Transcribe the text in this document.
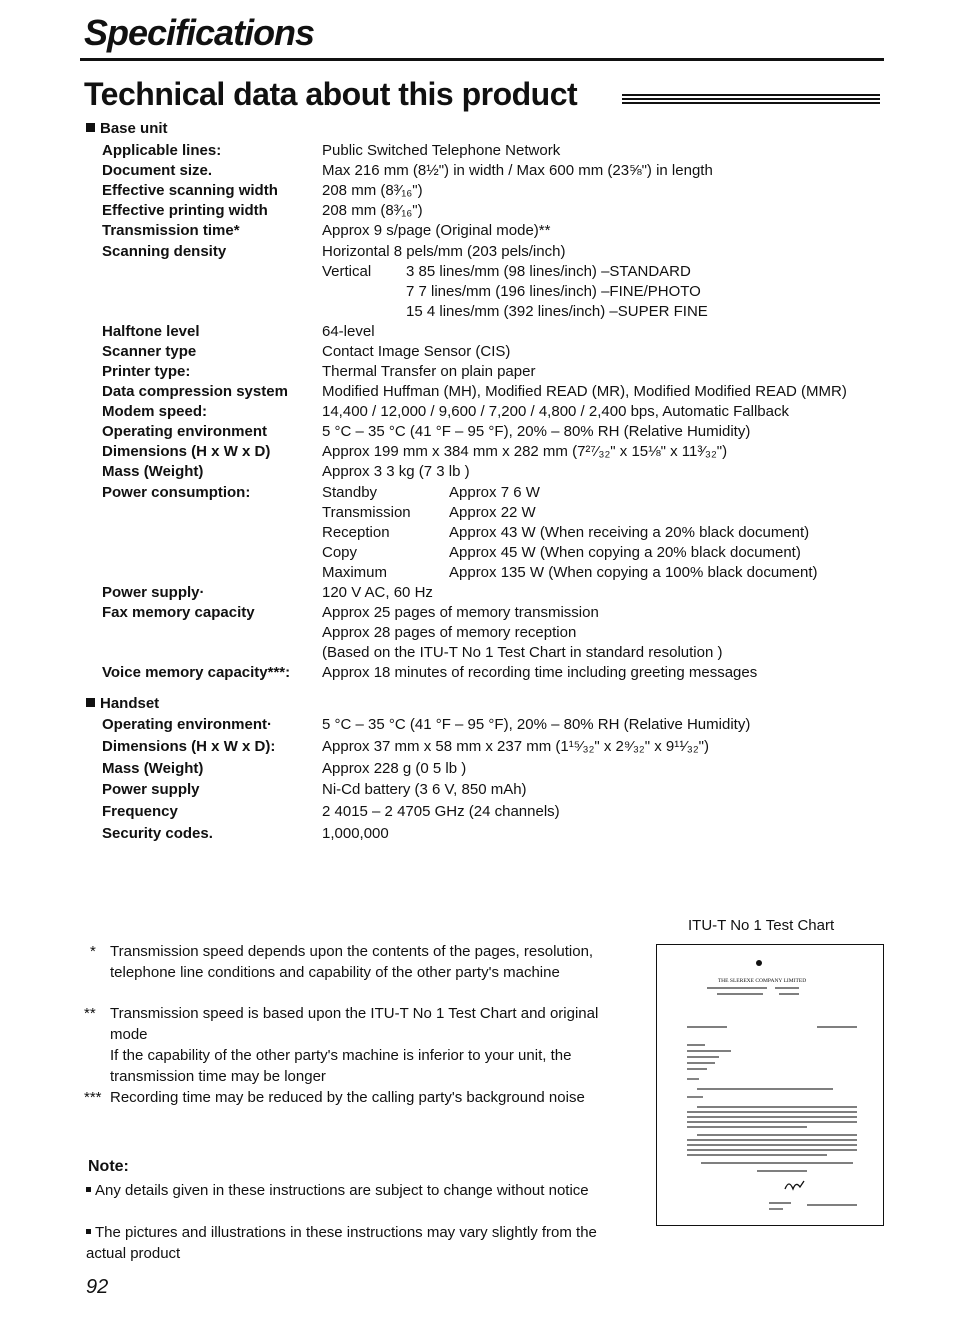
Specifications
Technical data about this product
Base unit
Applicable lines:	Public Switched Telephone Network
Document size.	Max 216 mm (8½") in width / Max 600 mm (23⅝") in length
Effective scanning width	208 mm (8³⁄₁₆")
Effective printing width	208 mm (8³⁄₁₆")
Transmission time*	Approx 9 s/page (Original mode)**
Scanning density	Horizontal 8 pels/mm (203 pels/inch)
Vertical 3 85 lines/mm (98 lines/inch) –STANDARD
7 7 lines/mm (196 lines/inch) –FINE/PHOTO
15 4 lines/mm (392 lines/inch) –SUPER FINE
Halftone level	64-level
Scanner type	Contact Image Sensor (CIS)
Printer type:	Thermal Transfer on plain paper
Data compression system Modified Huffman (MH), Modified READ (MR), Modified Modified READ (MMR)
Modem speed:	14,400 / 12,000 / 9,600 / 7,200 / 4,800 / 2,400 bps, Automatic Fallback
Operating environment	5 °C – 35 °C (41 °F – 95 °F), 20% – 80% RH (Relative Humidity)
Dimensions (H x W x D)	Approx 199 mm x 384 mm x 282 mm (7²⁷⁄₃₂" x 15⅛" x 11³⁄₃₂")
Mass (Weight)	Approx 3 3 kg (7 3 lb )
Power consumption:	Standby	Approx 7 6 W
Transmission	Approx 22 W
Reception	Approx 43 W (When receiving a 20% black document)
Copy	Approx 45 W (When copying a 20% black document)
Maximum	Approx 135 W (When copying a 100% black document)
Power supply·	120 V AC, 60 Hz
Fax memory capacity	Approx 25 pages of memory transmission
Approx 28 pages of memory reception
(Based on the ITU-T No 1 Test Chart in standard resolution )
Voice memory capacity***: Approx 18 minutes of recording time including greeting messages
Handset
Operating environment·	5 °C – 35 °C (41 °F – 95 °F), 20% – 80% RH (Relative Humidity)
Dimensions (H x W x D):	Approx 37 mm x 58 mm x 237 mm (1¹⁵⁄₃₂" x 2⁹⁄₃₂" x 9¹¹⁄₃₂")
Mass (Weight)	Approx 228 g (0 5 lb )
Power supply	Ni-Cd battery (3 6 V, 850 mAh)
Frequency	2 4015 – 2 4705 GHz (24 channels)
Security codes.	1,000,000
* Transmission speed depends upon the contents of the pages, resolution, telephone line conditions and capability of the other party's machine
** Transmission speed is based upon the ITU-T No 1 Test Chart and original mode
If the capability of the other party's machine is inferior to your unit, the transmission time may be longer
*** Recording time may be reduced by the calling party's background noise
Note:
Any details given in these instructions are subject to change without notice
The pictures and illustrations in these instructions may vary slightly from the actual product
ITU-T No 1 Test Chart
THE SLEREXE COMPANY LIMITED
92
